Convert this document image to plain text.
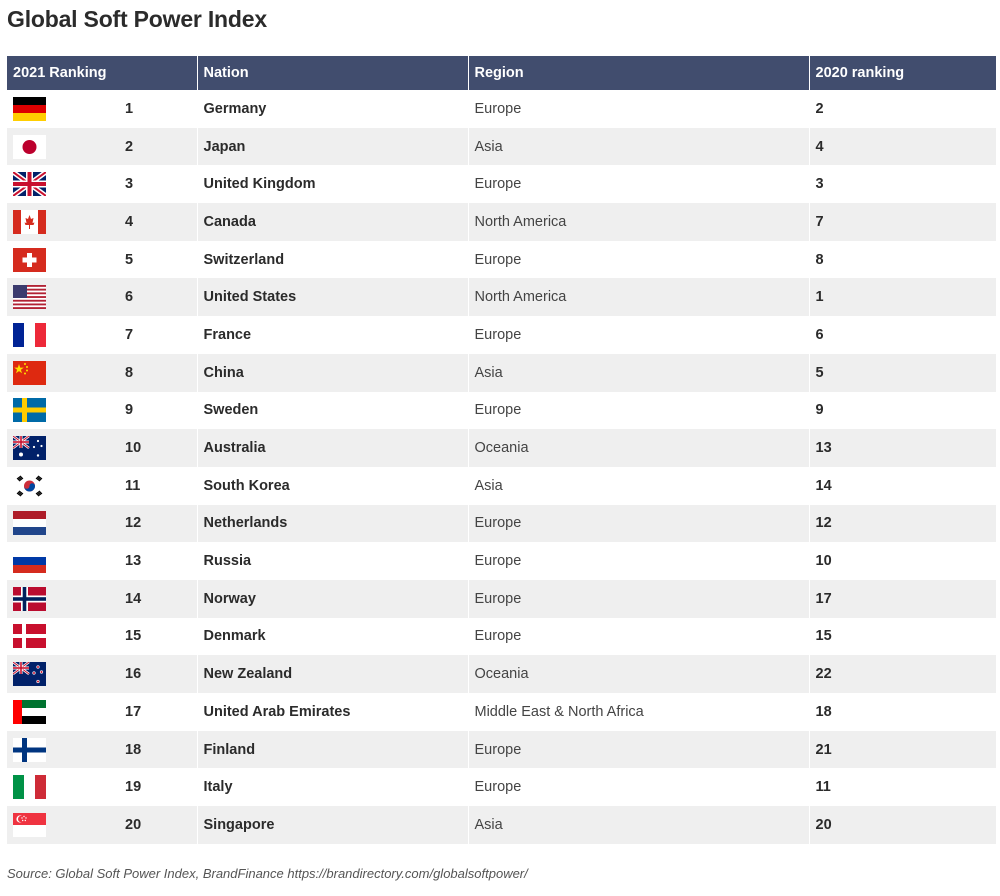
Global Soft Power Index
2021 Ranking	Nation	Region	2020 ranking

1	Germany	Europe	2

2	Japan	Asia	4

3	United Kingdom	Europe	3

4	Canada	North America	7

5	Switzerland	Europe	8

6	United States	North America	1

7	France	Europe	6

8	China	Asia	5

9	Sweden	Europe	9

10	Australia	Oceania	13

11	South Korea	Asia	14

12	Netherlands	Europe	12

13	Russia	Europe	10

14	Norway	Europe	17

15	Denmark	Europe	15

16	New Zealand	Oceania	22

17	United Arab Emirates	Middle East & North Africa	18

18	Finland	Europe	21

19	Italy	Europe	11

20	Singapore	Asia	20
Source: Global Soft Power Index, BrandFinance https://brandirectory.com/globalsoftpower/
